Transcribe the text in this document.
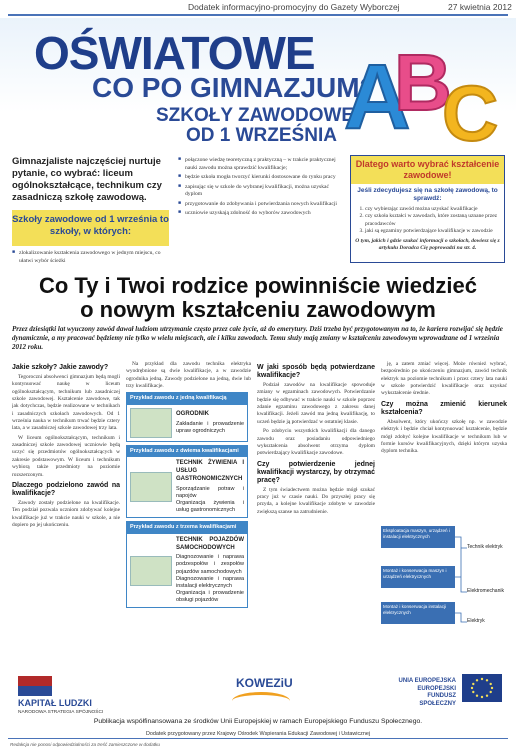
Dodatek informacyjno-promocyjny do Gazety Wyborczej	27 kwietnia 2012
OŚWIATOWE
CO PO GIMNAZJUM?
SZKOŁY ZAWODOWE
OD 1 WRZEŚNIA A
B
C
Gimnazjaliste najczęściej nurtuje pytanie, co wybrać: liceum ogólnokształcące, technikum czy zasadniczą szkołę zawodową.
Szkoły zawodowe od 1 września to szkoły, w których:
■ zlokalizowanie kształcenia zawodowego w jednym miejscu, co ułatwi wybór ścieżki
■ połączone wiedzę teoretyczną z praktyczną – w trakcie praktycznej nauki zawodu można sprawdzić kwalifikacje;
■ będzie szkoła mogła tworzyć kierunki dostosowane do rynku pracy
■ zapisując się w szkole do wybranej kwalifikacji, można uzyskać dyplom
■ przygotowanie do zdobywania i potwierdzania nowych kwalifikacji
■ uczniowie uzyskają zdolność do wyborów zawodowych
Dlatego warto wybrać kształcenie zawodowe!
Jeśli zdecydujesz się na szkołę zawodową, to sprawdź:
1. czy wybierając zawód można uzyskać kwalifikacje
2. czy szkoła kształci w zawodach, które zostaną uznane przez pracodawców
3. jaki są egzaminy potwierdzające kwalifikacje w zawodzie
O tym, jakich i gdzie szukać informacji o szkołach, dowiesz się z artykułu Doradca Cię poprowadzi na str. 4.
Co Ty i Twoi rodzice powinniście wiedzieć
o nowym kształceniu zawodowym
Przez dziesiątki lat wyuczony zawód dawał ludziom utrzymanie często przez całe życie, aż do emerytury. Dziś trzeba być przygotowanym na to, że kariera rozwijać się będzie dynamicznie, a my pracować będziemy nie tylko w wielu miejscach, ale i kilku zawodach. Temu służy mają zmiany w kształceniu zawodowym wprowadzane od 1 września 2012 roku.
Jakie szkoły? Jakie zawody?

Tegoroczni absolwenci gimnazjum będą mogli kontynuować naukę w liceum ogólnokształcącym, technikum lub zasadniczej szkole zawodowej. Kształcenie zawodowe, tak jak dotychczas, będzie realizowane w technikach i zasadniczych szkołach zawodowych. Od 1 września nauka w technikum trwać będzie cztery lata, a w zasadniczej szkole zawodowej trzy lata.

W liceum ogólnokształcącym, technikum i zasadniczej szkole zawodowej uczniowie będą uczyć się przedmiotów ogólnokształcących w zakresie podstawowym. W liceum i technikum wybiorą także przedmioty na poziomie rozszerzonym.

Dlaczego podzielono zawód na kwalifikacje?

Zawody zostały podzielone na kwalifikacje. Ten podział pozwala uczniom zdobywać kolejne kwalifikacje już w trakcie nauki w szkole, a nie dopiero po jej ukończeniu.

Na przykład dla zawodu technika elektryka wyodrębnione są dwie kwalifikacje, a w zawodzie ogrodnika jedną. Zawody podzielone na jedną, dwie lub trzy kwalifikacje.

Przykład zawodu z jedną kwalifikacją
OGRODNIK
Zakładanie i prowadzenie upraw ogrodniczych
Przykład zawodu z dwiema kwalifikacjami
TECHNIK ŻYWIENIA I USŁUG GASTRONOMICZNYCH
Sporządzanie potraw i napojów
Organizacja żywienia i usług gastronomicznych
Przykład zawodu z trzema kwalifikacjami
TECHNIK POJAZDÓW SAMOCHODOWYCH
Diagnozowanie i naprawa podzespołów i zespołów pojazdów samochodowych
Diagnozowanie i naprawa instalacji elektrycznych
Organizacja i prowadzenie obsługi pojazdów
W jaki sposób będą potwierdzane kwalifikacje?

Podział zawodów na kwalifikacje spowoduje zmiany w egzaminach zawodowych. Potwierdzanie będzie się odbywać w trakcie nauki w szkole poprzez zdanie egzaminu zawodowego z zakresu danej kwalifikacji. Jeżeli zawód ma jedną kwalifikację, to uczeń będzie ją potwierdzać w ostatniej klasie.

Po zdobyciu wszystkich kwalifikacji dla danego zawodu oraz posiadaniu odpowiedniego wykształcenia absolwent otrzyma dyplom potwierdzający kwalifikacje zawodowe.

Czy potwierdzenie jednej kwalifikacji wystarczy, by otrzymać pracę?

Z tym świadectwem można będzie mógł szukać pracy już w czasie nauki. Do przyszłej pracy się przyda, a kolejne kwalifikacje zdobyte w zawodzie zwiększą szanse na zatrudnienie.

ję, a zatem zmiać więcej. Może również wybrać, bezpośrednio po ukończeniu gimnazjum, zawód technik elektryk na poziomie technikum i przez cztery lata nauki w szkole potwierdzić kwalifikacje oraz uzyskać wykształcenie średnie.

Czy można zmienić kierunek kształcenia?

Absolwent, który ukończy szkołę np. w zawodzie elektryk i będzie chciał kontynuować kształcenie, będzie mógł zdobyć kolejne kwalifikacje w technikum lub w formie kursów kwalifikacyjnych, dzięki którym uzyska dyplom technika.

Eksploatacja maszyn, urządzeń i instalacji elektrycznych
Montaż i konserwacja maszyn i urządzeń elektrycznych
Montaż i konserwacja instalacji elektrycznych
Technik elektryk
Elektromechanik
Elektryk
KAPITAŁ LUDZKI
NARODOWA STRATEGIA SPÓJNOŚCI
KOWEZiU	UNIA EUROPEJSKA EUROPEJSKI FUNDUSZ SPOŁECZNY
Publikacja współfinansowana ze środków Unii Europejskiej w ramach Europejskiego Funduszu Społecznego.
Dodatek przygotowany przez Krajowy Ośrodek Wspierania Edukacji Zawodowej i Ustawicznej
Redakcja nie ponosi odpowiedzialności za treść zamieszczone w dodatku
